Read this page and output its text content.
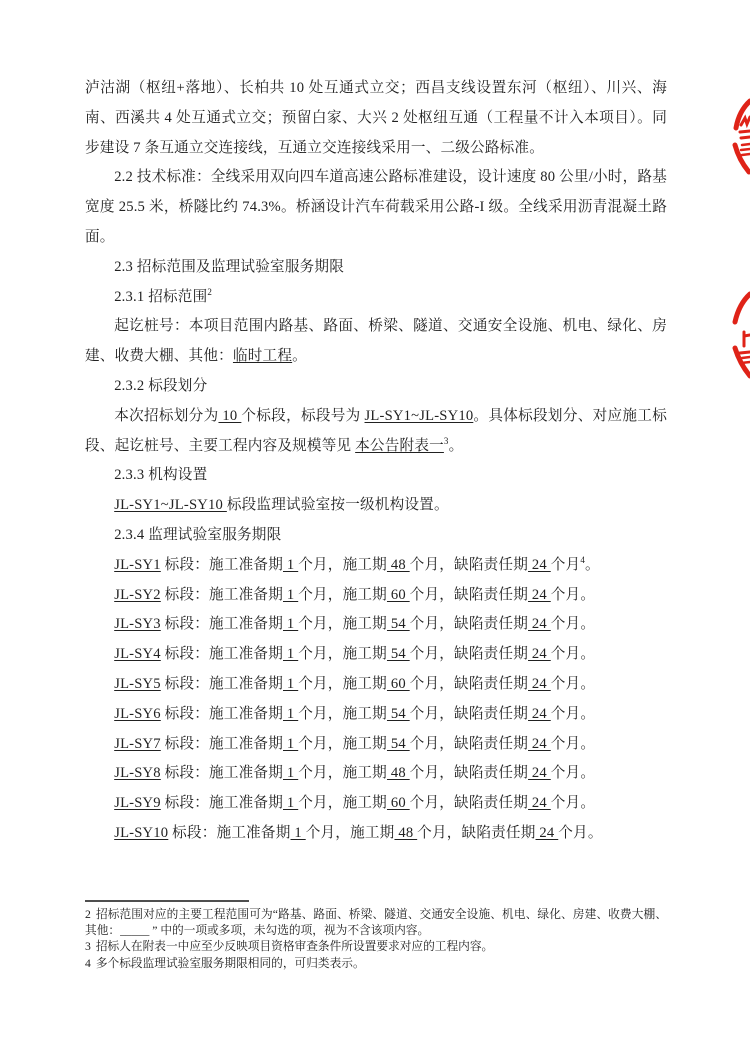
泸沽湖（枢纽+落地）、长柏共 10 处互通式立交；西昌支线设置东河（枢纽）、川兴、海南、西溪共 4 处互通式立交；预留白家、大兴 2 处枢纽互通（工程量不计入本项目）。同步建设 7 条互通立交连接线，互通立交连接线采用一、二级公路标准。

2.2 技术标准：全线采用双向四车道高速公路标准建设，设计速度 80 公里/小时，路基宽度 25.5 米，桥隧比约 74.3%。桥涵设计汽车荷载采用公路-I 级。全线采用沥青混凝土路面。

2.3 招标范围及监理试验室服务期限

2.3.1 招标范围$^2$

起讫桩号：本项目范围内路基、路面、桥梁、隧道、交通安全设施、机电、绿化、房建、收费大棚、其他：临时工程。

2.3.2 标段划分

本次招标划分为 10 个标段，标段号为 JL-SY1~JL-SY10。具体标段划分、对应施工标段、起讫桩号、主要工程内容及规模等见 本公告附表一$^3$。

2.3.3 机构设置

JL-SY1~JL-SY10 标段监理试验室按一级机构设置。

2.3.4 监理试验室服务期限

JL-SY1 标段：施工准备期 1 个月，施工期 48 个月，缺陷责任期 24 个月$^4$。

JL-SY2 标段：施工准备期 1 个月，施工期 60 个月，缺陷责任期 24 个月。

JL-SY3 标段：施工准备期 1 个月，施工期 54 个月，缺陷责任期 24 个月。

JL-SY4 标段：施工准备期 1 个月，施工期 54 个月，缺陷责任期 24 个月。

JL-SY5 标段：施工准备期 1 个月，施工期 60 个月，缺陷责任期 24 个月。

JL-SY6 标段：施工准备期 1 个月，施工期 54 个月，缺陷责任期 24 个月。

JL-SY7 标段：施工准备期 1 个月，施工期 54 个月，缺陷责任期 24 个月。

JL-SY8 标段：施工准备期 1 个月，施工期 48 个月，缺陷责任期 24 个月。

JL-SY9 标段：施工准备期 1 个月，施工期 60 个月，缺陷责任期 24 个月。

JL-SY10 标段：施工准备期 1 个月，施工期 48 个月，缺陷责任期 24 个月。

2 招标范围对应的主要工程范围可为“路基、路面、桥梁、隧道、交通安全设施、机电、绿化、房建、收费大棚、其他：_____ ” 中的一项或多项，未勾选的项，视为不含该项内容。
3 招标人在附表一中应至少反映项目资格审查条件所设置要求对应的工程内容。
4 多个标段监理试验室服务期限相同的，可归类表示。
